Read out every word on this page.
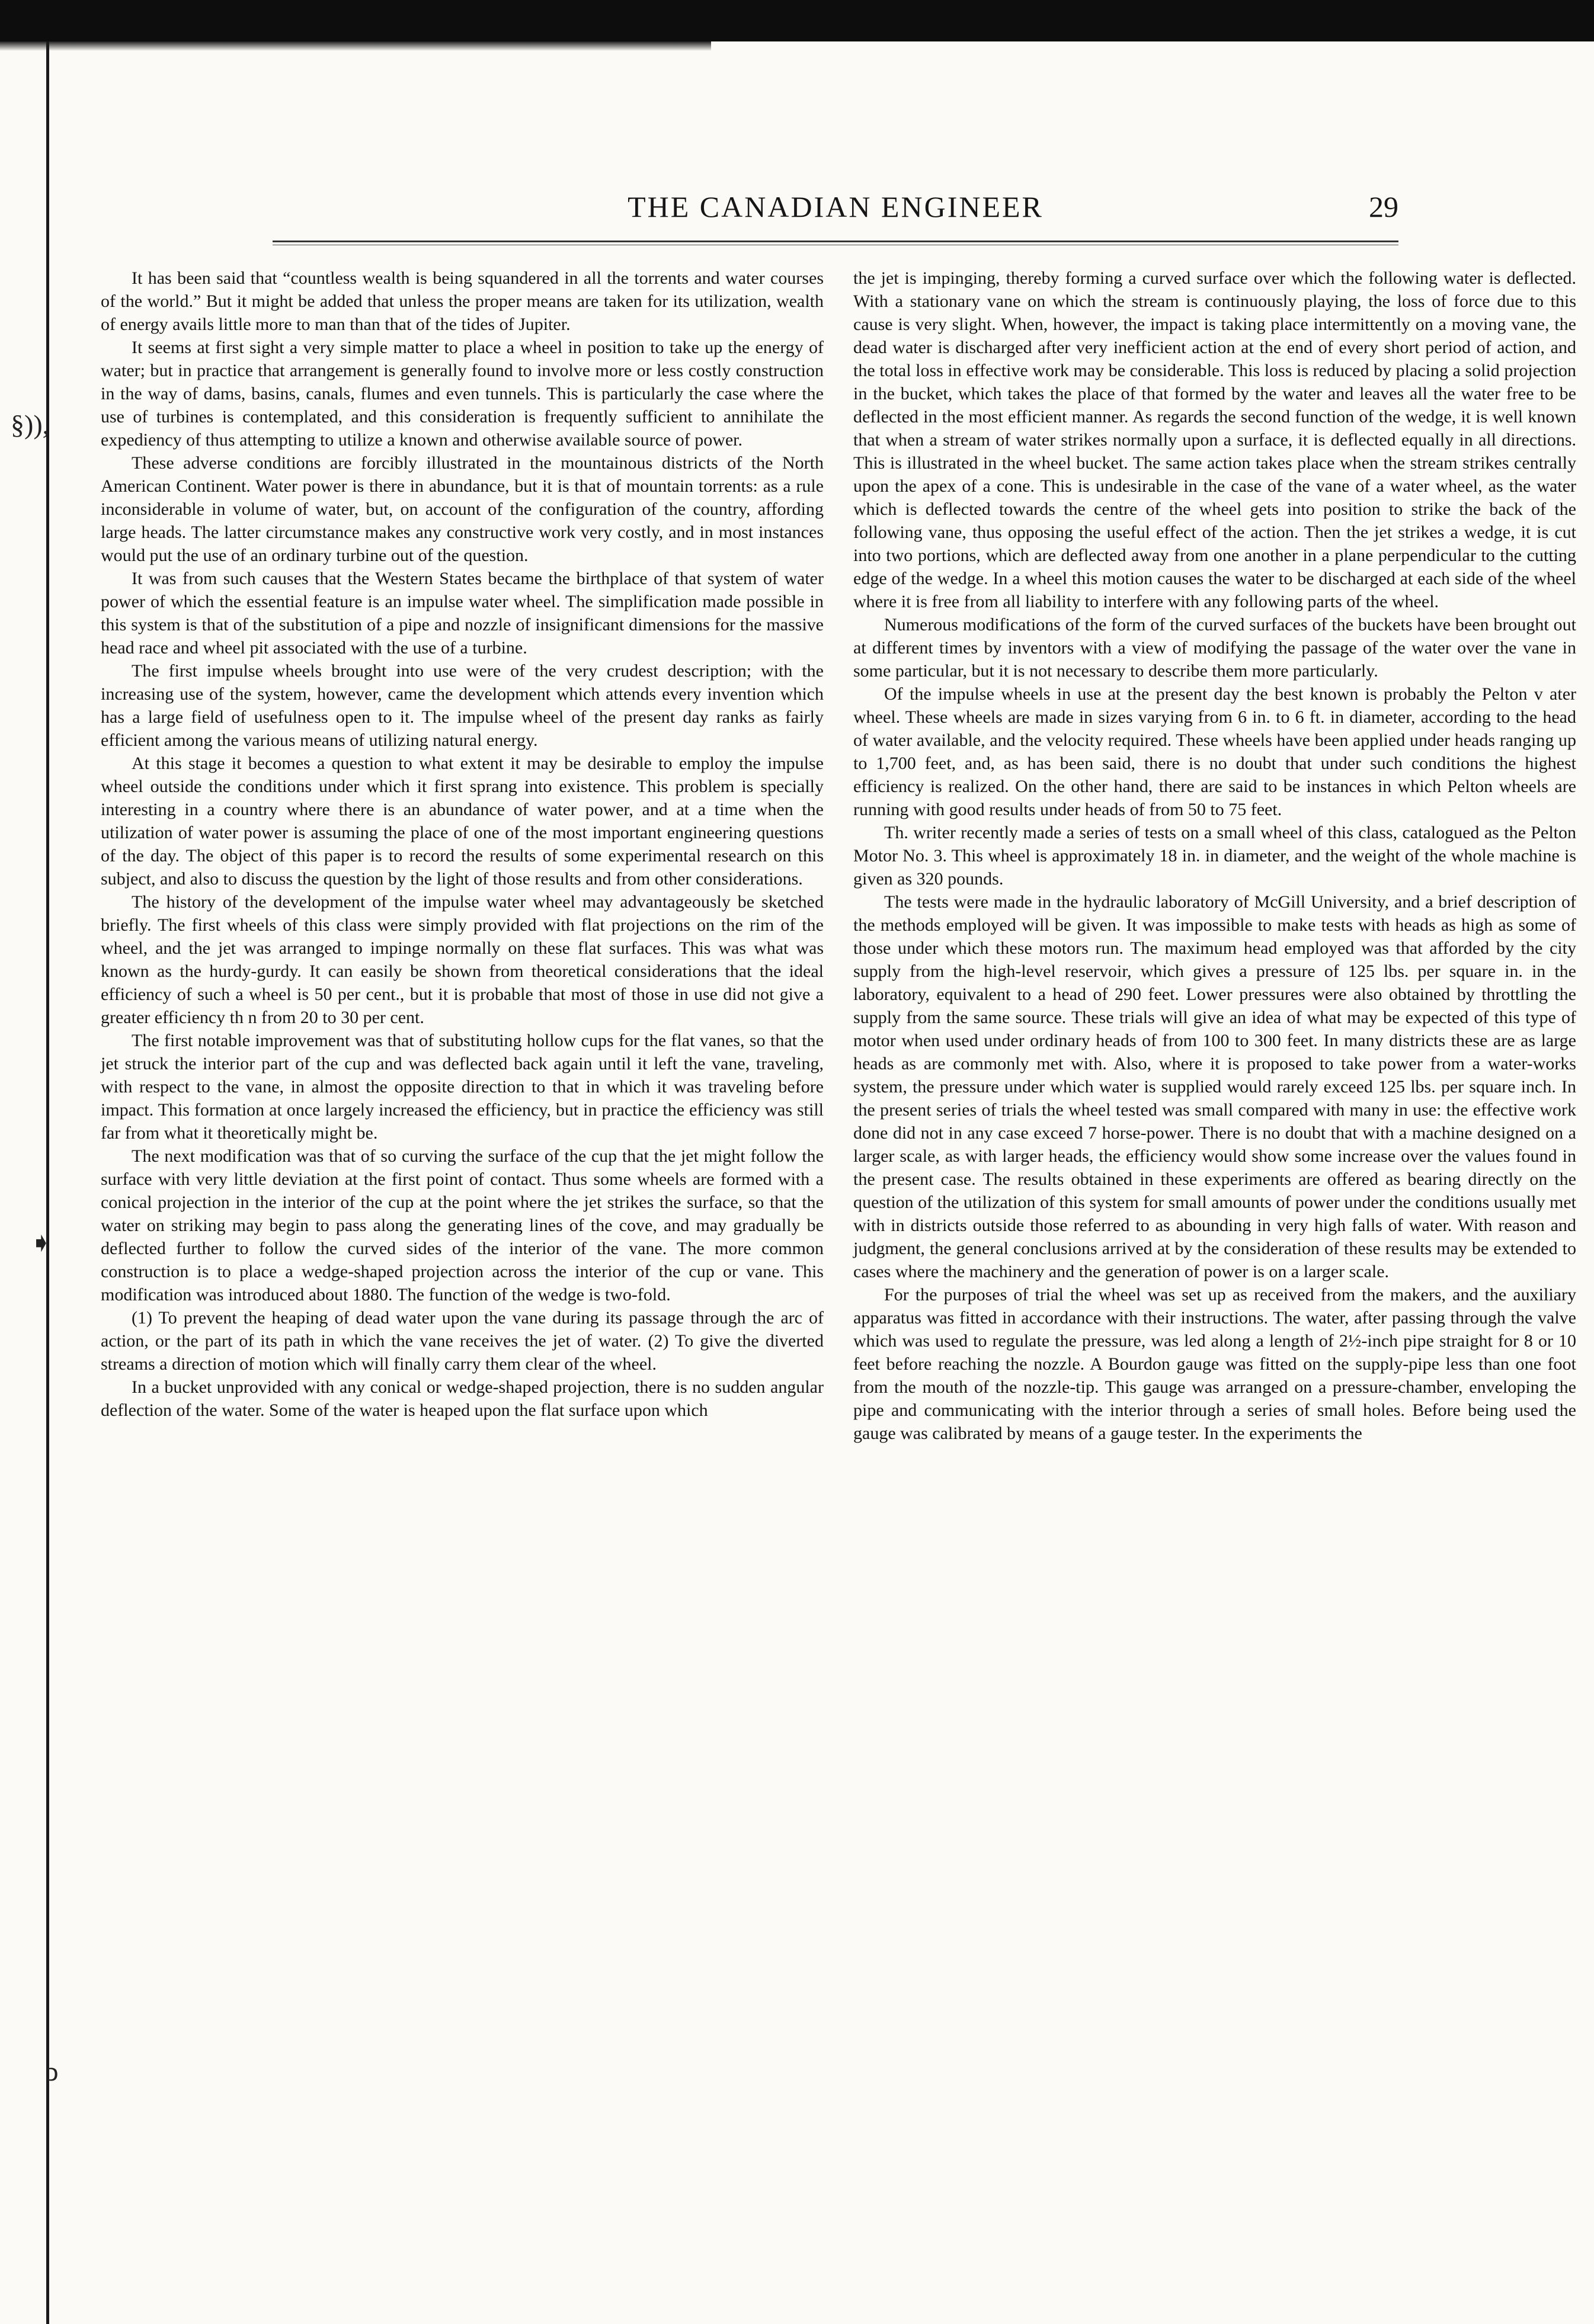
§)),
➧
ↄ
THE CANADIAN ENGINEER	29

It has been said that “countless wealth is being squandered in all the torrents and water courses of the world.” But it might be added that unless the proper means are taken for its utilization, wealth of energy avails little more to man than that of the tides of Jupiter.

It seems at first sight a very simple matter to place a wheel in position to take up the energy of water; but in practice that arrangement is generally found to involve more or less costly construction in the way of dams, basins, canals, flumes and even tunnels. This is particularly the case where the use of turbines is contemplated, and this consideration is frequently sufficient to annihilate the expediency of thus attempting to utilize a known and otherwise available source of power.

These adverse conditions are forcibly illustrated in the mountainous districts of the North American Continent. Water power is there in abundance, but it is that of mountain torrents: as a rule inconsiderable in volume of water, but, on account of the configuration of the country, affording large heads. The latter circumstance makes any constructive work very costly, and in most instances would put the use of an ordinary turbine out of the question.

It was from such causes that the Western States became the birthplace of that system of water power of which the essential feature is an impulse water wheel. The simplification made possible in this system is that of the substitution of a pipe and nozzle of insignificant dimensions for the massive head race and wheel pit associated with the use of a turbine.

The first impulse wheels brought into use were of the very crudest description; with the increasing use of the system, however, came the development which attends every invention which has a large field of usefulness open to it. The impulse wheel of the present day ranks as fairly efficient among the various means of utilizing natural energy.

At this stage it becomes a question to what extent it may be desirable to employ the impulse wheel outside the conditions under which it first sprang into existence. This problem is specially interesting in a country where there is an abundance of water power, and at a time when the utilization of water power is assuming the place of one of the most important engineering questions of the day. The object of this paper is to record the results of some experimental research on this subject, and also to discuss the question by the light of those results and from other considerations.

The history of the development of the impulse water wheel may advantageously be sketched briefly. The first wheels of this class were simply provided with flat projections on the rim of the wheel, and the jet was arranged to impinge normally on these flat surfaces. This was what was known as the hurdy-gurdy. It can easily be shown from theoretical considerations that the ideal efficiency of such a wheel is 50 per cent., but it is probable that most of those in use did not give a greater efficiency th n from 20 to 30 per cent.

The first notable improvement was that of substituting hollow cups for the flat vanes, so that the jet struck the interior part of the cup and was deflected back again until it left the vane, traveling, with respect to the vane, in almost the opposite direction to that in which it was traveling before impact. This formation at once largely increased the efficiency, but in practice the efficiency was still far from what it theoretically might be.

The next modification was that of so curving the surface of the cup that the jet might follow the surface with very little deviation at the first point of contact. Thus some wheels are formed with a conical projection in the interior of the cup at the point where the jet strikes the surface, so that the water on striking may begin to pass along the generating lines of the cove, and may gradually be deflected further to follow the curved sides of the interior of the vane. The more common construction is to place a wedge-shaped projection across the interior of the cup or vane. This modification was introduced about 1880. The function of the wedge is two-fold.

(1) To prevent the heaping of dead water upon the vane during its passage through the arc of action, or the part of its path in which the vane receives the jet of water. (2) To give the diverted streams a direction of motion which will finally carry them clear of the wheel.

In a bucket unprovided with any conical or wedge-shaped projection, there is no sudden angular deflection of the water. Some of the water is heaped upon the flat surface upon which

the jet is impinging, thereby forming a curved surface over which the following water is deflected. With a stationary vane on which the stream is continuously playing, the loss of force due to this cause is very slight. When, however, the impact is taking place intermittently on a moving vane, the dead water is discharged after very inefficient action at the end of every short period of action, and the total loss in effective work may be considerable. This loss is reduced by placing a solid projection in the bucket, which takes the place of that formed by the water and leaves all the water free to be deflected in the most efficient manner. As regards the second function of the wedge, it is well known that when a stream of water strikes normally upon a surface, it is deflected equally in all directions. This is illustrated in the wheel bucket. The same action takes place when the stream strikes centrally upon the apex of a cone. This is undesirable in the case of the vane of a water wheel, as the water which is deflected towards the centre of the wheel gets into position to strike the back of the following vane, thus opposing the useful effect of the action. Then the jet strikes a wedge, it is cut into two portions, which are deflected away from one another in a plane perpendicular to the cutting edge of the wedge. In a wheel this motion causes the water to be discharged at each side of the wheel where it is free from all liability to interfere with any following parts of the wheel.

Numerous modifications of the form of the curved surfaces of the buckets have been brought out at different times by inventors with a view of modifying the passage of the water over the vane in some particular, but it is not necessary to describe them more particularly.

Of the impulse wheels in use at the present day the best known is probably the Pelton v ater wheel. These wheels are made in sizes varying from 6 in. to 6 ft. in diameter, according to the head of water available, and the velocity required. These wheels have been applied under heads ranging up to 1,700 feet, and, as has been said, there is no doubt that under such conditions the highest efficiency is realized. On the other hand, there are said to be instances in which Pelton wheels are running with good results under heads of from 50 to 75 feet.

Th. writer recently made a series of tests on a small wheel of this class, catalogued as the Pelton Motor No. 3. This wheel is approximately 18 in. in diameter, and the weight of the whole machine is given as 320 pounds.

The tests were made in the hydraulic laboratory of McGill University, and a brief description of the methods employed will be given. It was impossible to make tests with heads as high as some of those under which these motors run. The maximum head employed was that afforded by the city supply from the high-level reservoir, which gives a pressure of 125 lbs. per square in. in the laboratory, equivalent to a head of 290 feet. Lower pressures were also obtained by throttling the supply from the same source. These trials will give an idea of what may be expected of this type of motor when used under ordinary heads of from 100 to 300 feet. In many districts these are as large heads as are commonly met with. Also, where it is proposed to take power from a water-works system, the pressure under which water is supplied would rarely exceed 125 lbs. per square inch. In the present series of trials the wheel tested was small compared with many in use: the effective work done did not in any case exceed 7 horse-power. There is no doubt that with a machine designed on a larger scale, as with larger heads, the efficiency would show some increase over the values found in the present case. The results obtained in these experiments are offered as bearing directly on the question of the utilization of this system for small amounts of power under the conditions usually met with in districts outside those referred to as abounding in very high falls of water. With reason and judgment, the general conclusions arrived at by the consideration of these results may be extended to cases where the machinery and the generation of power is on a larger scale.

For the purposes of trial the wheel was set up as received from the makers, and the auxiliary apparatus was fitted in accordance with their instructions. The water, after passing through the valve which was used to regulate the pressure, was led along a length of 2½-inch pipe straight for 8 or 10 feet before reaching the nozzle. A Bourdon gauge was fitted on the supply-pipe less than one foot from the mouth of the nozzle-tip. This gauge was arranged on a pressure-chamber, enveloping the pipe and communicating with the interior through a series of small holes. Before being used the gauge was calibrated by means of a gauge tester. In the experiments the
